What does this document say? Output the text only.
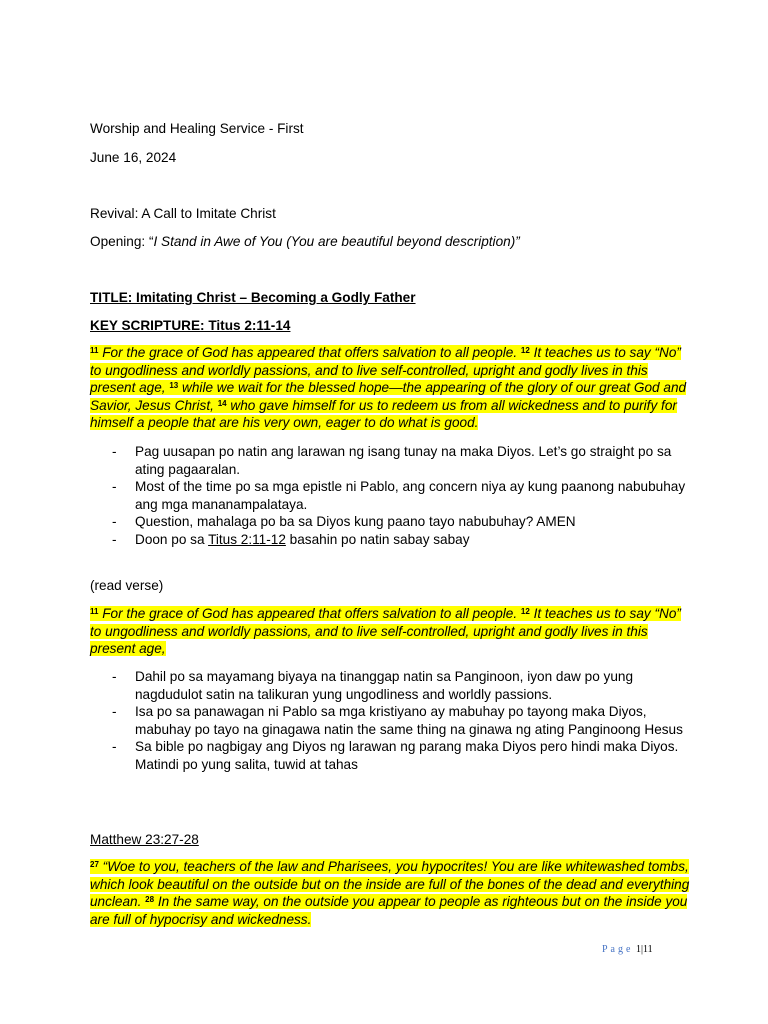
Worship and Healing Service - First
June 16, 2024
Revival: A Call to Imitate Christ
Opening: “I Stand in Awe of You (You are beautiful beyond description)”
TITLE: Imitating Christ – Becoming a Godly Father
KEY SCRIPTURE: Titus 2:11-14
$^{11}$ For the grace of God has appeared that offers salvation to all people. $^{12}$ It teaches us to say “No” to ungodliness and worldly passions, and to live self-controlled, upright and godly lives in this present age, $^{13}$ while we wait for the blessed hope—the appearing of the glory of our great God and Savior, Jesus Christ, $^{14}$ who gave himself for us to redeem us from all wickedness and to purify for himself a people that are his very own, eager to do what is good.
- Pag uusapan po natin ang larawan ng isang tunay na maka Diyos. Let’s go straight po sa ating pagaaralan.
- Most of the time po sa mga epistle ni Pablo, ang concern niya ay kung paanong nabubuhay ang mga mananampalataya.
- Question, mahalaga po ba sa Diyos kung paano tayo nabubuhay? AMEN
- Doon po sa Titus 2:11-12 basahin po natin sabay sabay
(read verse)
$^{11}$ For the grace of God has appeared that offers salvation to all people. $^{12}$ It teaches us to say “No” to ungodliness and worldly passions, and to live self-controlled, upright and godly lives in this present age,
- Dahil po sa mayamang biyaya na tinanggap natin sa Panginoon, iyon daw po yung nagdudulot satin na talikuran yung ungodliness and worldly passions.
- Isa po sa panawagan ni Pablo sa mga kristiyano ay mabuhay po tayong maka Diyos, mabuhay po tayo na ginagawa natin the same thing na ginawa ng ating Panginoong Hesus
- Sa bible po nagbigay ang Diyos ng larawan ng parang maka Diyos pero hindi maka Diyos. Matindi po yung salita, tuwid at tahas
Matthew 23:27-28
$^{27}$ “Woe to you, teachers of the law and Pharisees, you hypocrites! You are like whitewashed tombs, which look beautiful on the outside but on the inside are full of the bones of the dead and everything unclean. $^{28}$ In the same way, on the outside you appear to people as righteous but on the inside you are full of hypocrisy and wickedness.
Page 1|11
